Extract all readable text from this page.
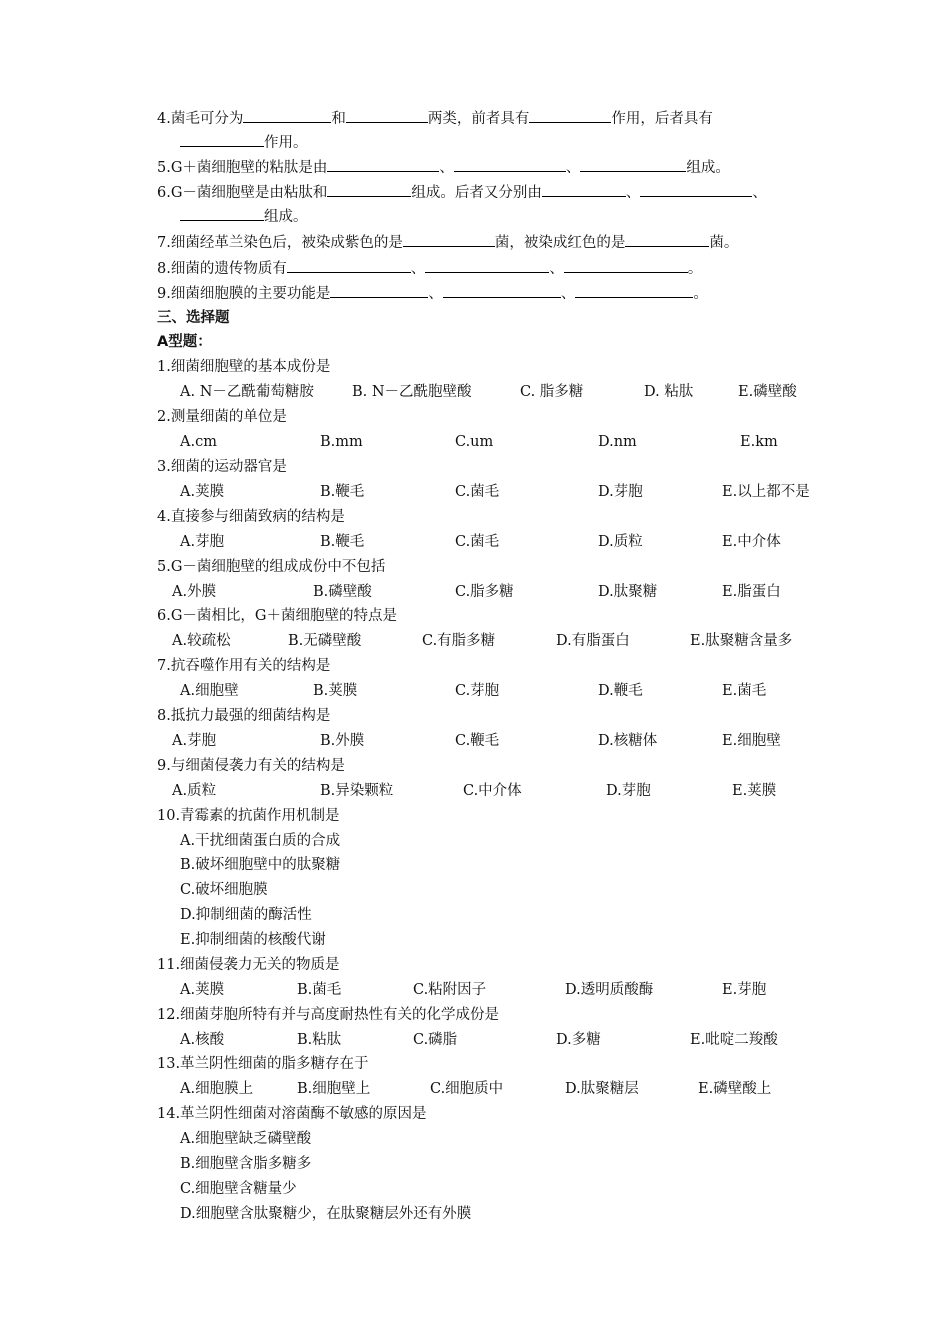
4.菌毛可分为	和	两类，前者具有	作用，后者具有
作用。
5.G＋菌细胞壁的粘肽是由	、	、	组成。
6.G－菌细胞壁是由粘肽和	组成。后者又分别由	、	、
组成。
7.细菌经革兰染色后，被染成紫色的是	菌，被染成红色的是	菌。
8.细菌的遗传物质有	、	、	。
9.细菌细胞膜的主要功能是	、	、	。
三、选择题
A型题：
1.细菌细胞壁的基本成份是
A. N－乙酰葡萄糖胺	B. N－乙酰胞壁酸	C. 脂多糖	D. 粘肽	E.磷壁酸
2.测量细菌的单位是
A.cm	B.mm	C.um	D.nm	E.km
3.细菌的运动器官是
A.荚膜	B.鞭毛	C.菌毛	D.芽胞	E.以上都不是
4.直接参与细菌致病的结构是
A.芽胞	B.鞭毛	C.菌毛	D.质粒	E.中介体
5.G－菌细胞壁的组成成份中不包括
A.外膜	B.磷壁酸	C.脂多糖	D.肽聚糖	E.脂蛋白
6.G－菌相比，G＋菌细胞壁的特点是
A.较疏松	B.无磷壁酸	C.有脂多糖	D.有脂蛋白	E.肽聚糖含量多
7.抗吞噬作用有关的结构是
A.细胞壁	B.荚膜	C.芽胞	D.鞭毛	E.菌毛
8.抵抗力最强的细菌结构是
A.芽胞	B.外膜	C.鞭毛	D.核糖体	E.细胞壁
9.与细菌侵袭力有关的结构是
A.质粒	B.异染颗粒	C.中介体	D.芽胞	E.荚膜
10.青霉素的抗菌作用机制是
A.干扰细菌蛋白质的合成
B.破坏细胞壁中的肽聚糖
C.破坏细胞膜
D.抑制细菌的酶活性
E.抑制细菌的核酸代谢
11.细菌侵袭力无关的物质是
A.荚膜	B.菌毛	C.粘附因子	D.透明质酸酶	E.芽胞
12.细菌芽胞所特有并与高度耐热性有关的化学成份是
A.核酸	B.粘肽	C.磷脂	D.多糖	E.吡啶二羧酸
13.革兰阴性细菌的脂多糖存在于
A.细胞膜上	B.细胞壁上	C.细胞质中	D.肽聚糖层	E.磷壁酸上
14.革兰阴性细菌对溶菌酶不敏感的原因是
A.细胞壁缺乏磷壁酸
B.细胞壁含脂多糖多
C.细胞壁含糖量少
D.细胞壁含肽聚糖少，在肽聚糖层外还有外膜
